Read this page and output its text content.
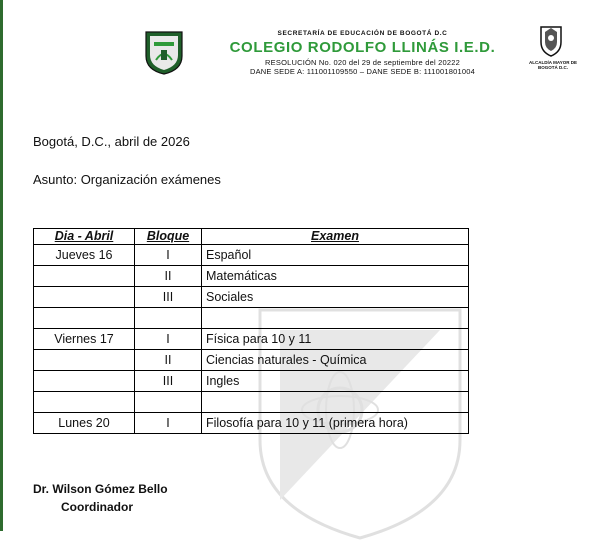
SECRETARÍA DE EDUCACIÓN DE BOGOTÁ D.C
COLEGIO RODOLFO LLINÁS I.E.D.
RESOLUCIÓN No. 020 del 29 de septiembre del 20222
DANE SEDE A: 111001109550 – DANE SEDE B: 111001801004
ALCALDÍA MAYOR DE BOGOTÁ D.C.
Bogotá, D.C., abril de 2026
Asunto: Organización exámenes
Dia - Abril	Bloque	Examen
Jueves 16	I	Español
	II	Matemáticas
	III	Sociales

Viernes 17	I	Física para 10 y 11
	II	Ciencias naturales - Química
	III	Ingles

Lunes 20	I	Filosofía para 10 y 11 (primera hora)
Dr. Wilson Gómez Bello
Coordinador
